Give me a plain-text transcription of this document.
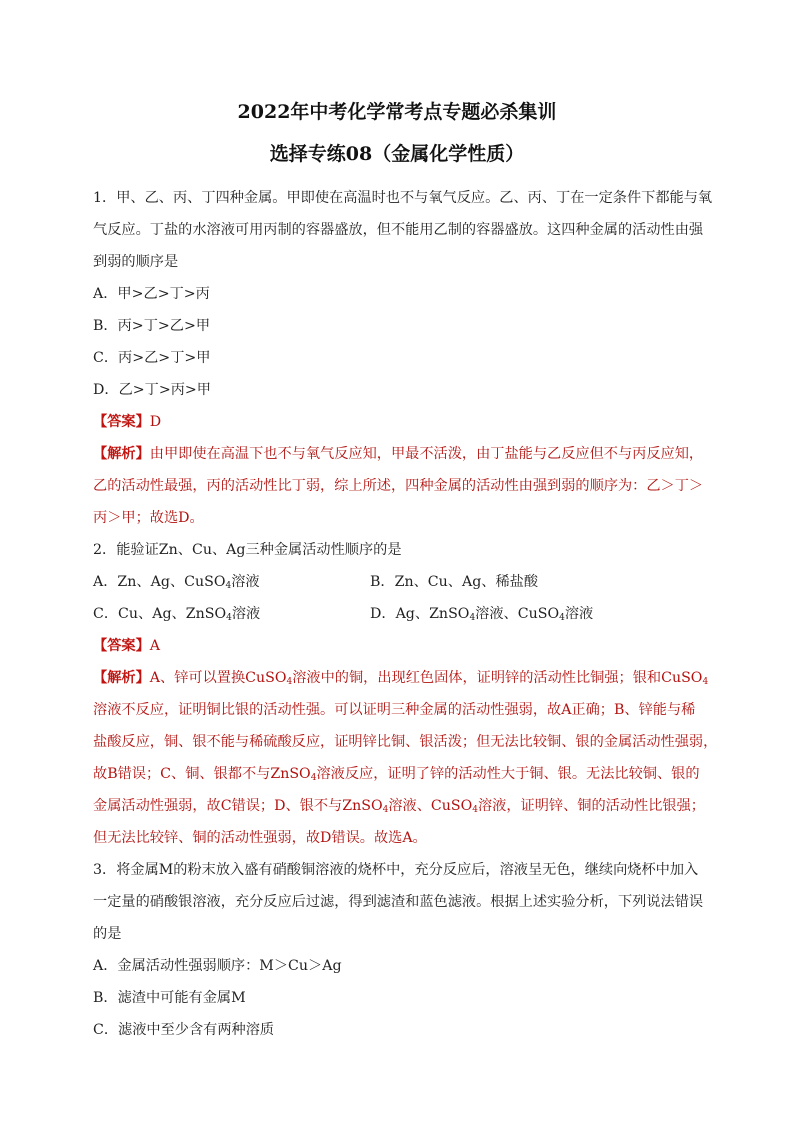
2022年中考化学常考点专题必杀集训
选择专练08（金属化学性质）
1．甲、乙、丙、丁四种金属。甲即使在高温时也不与氧气反应。乙、丙、丁在一定条件下都能与氧
气反应。丁盐的水溶液可用丙制的容器盛放，但不能用乙制的容器盛放。这四种金属的活动性由强
到弱的顺序是
A．甲>乙>丁>丙
B．丙>丁>乙>甲
C．丙>乙>丁>甲
D．乙>丁>丙>甲
【答案】D
【解析】由甲即使在高温下也不与氧气反应知，甲最不活泼，由丁盐能与乙反应但不与丙反应知，
乙的活动性最强，丙的活动性比丁弱，综上所述，四种金属的活动性由强到弱的顺序为：乙＞丁＞
丙＞甲；故选D。
2．能验证Zn、Cu、Ag三种金属活动性顺序的是
A．Zn、Ag、CuSO$_4$溶液	B．Zn、Cu、Ag、稀盐酸
C．Cu、Ag、ZnSO$_4$溶液	D．Ag、ZnSO$_4$溶液、CuSO$_4$溶液
【答案】A
【解析】A、锌可以置换CuSO$_4$溶液中的铜，出现红色固体，证明锌的活动性比铜强；银和CuSO$_4$
溶液不反应，证明铜比银的活动性强。可以证明三种金属的活动性强弱，故A正确；B、锌能与稀
盐酸反应，铜、银不能与稀硫酸反应，证明锌比铜、银活泼；但无法比较铜、银的金属活动性强弱，
故B错误；C、铜、银都不与ZnSO$_4$溶液反应，证明了锌的活动性大于铜、银。无法比较铜、银的
金属活动性强弱，故C错误；D、银不与ZnSO$_4$溶液、CuSO$_4$溶液，证明锌、铜的活动性比银强；
但无法比较锌、铜的活动性强弱，故D错误。故选A。
3．将金属M的粉末放入盛有硝酸铜溶液的烧杯中，充分反应后，溶液呈无色，继续向烧杯中加入
一定量的硝酸银溶液，充分反应后过滤，得到滤渣和蓝色滤液。根据上述实验分析，下列说法错误
的是
A．金属活动性强弱顺序：M＞Cu＞Ag
B．滤渣中可能有金属M
C．滤液中至少含有两种溶质
